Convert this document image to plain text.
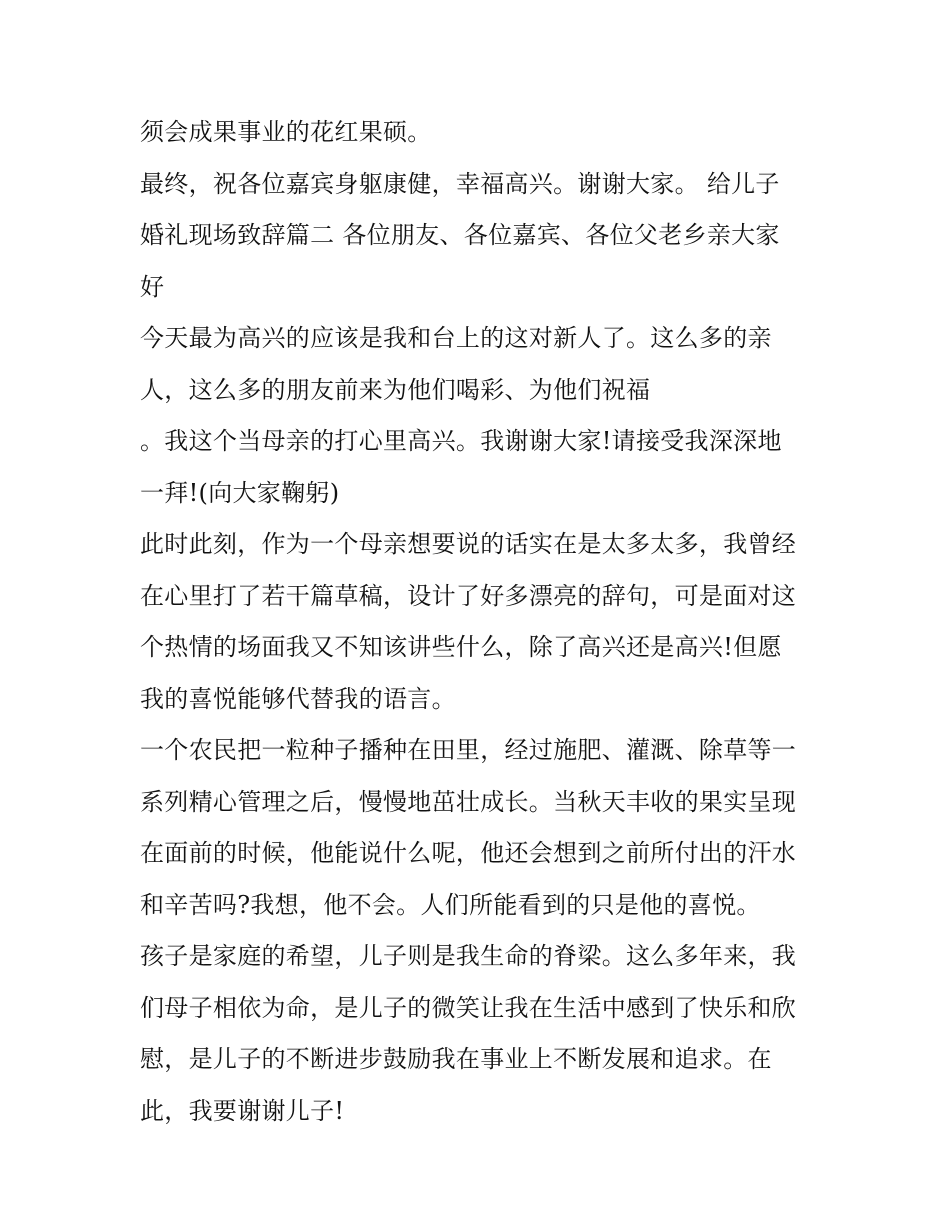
须会成果事业的花红果硕。
最终，祝各位嘉宾身躯康健，幸福高兴。谢谢大家。 给儿子
婚礼现场致辞篇二 各位朋友、各位嘉宾、各位父老乡亲大家
好
今天最为高兴的应该是我和台上的这对新人了。这么多的亲
人，这么多的朋友前来为他们喝彩、为他们祝福
。我这个当母亲的打心里高兴。我谢谢大家!请接受我深深地
一拜!(向大家鞠躬)
此时此刻，作为一个母亲想要说的话实在是太多太多，我曾经
在心里打了若干篇草稿，设计了好多漂亮的辞句，可是面对这
个热情的场面我又不知该讲些什么，除了高兴还是高兴!但愿
我的喜悦能够代替我的语言。
一个农民把一粒种子播种在田里，经过施肥、灌溉、除草等一
系列精心管理之后，慢慢地茁壮成长。当秋天丰收的果实呈现
在面前的时候，他能说什么呢，他还会想到之前所付出的汗水
和辛苦吗?我想，他不会。人们所能看到的只是他的喜悦。
孩子是家庭的希望，儿子则是我生命的脊梁。这么多年来，我
们母子相依为命，是儿子的微笑让我在生活中感到了快乐和欣
慰，是儿子的不断进步鼓励我在事业上不断发展和追求。在
此，我要谢谢儿子!
